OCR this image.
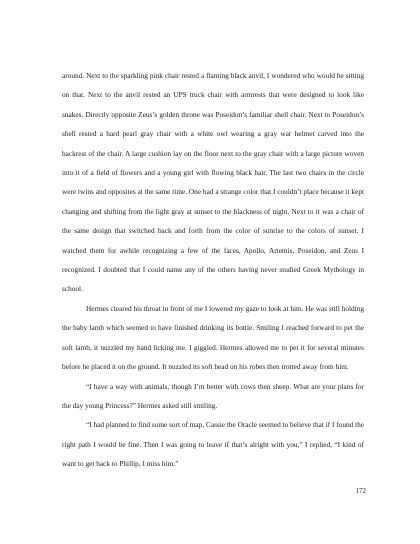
around. Next to the sparkling pink chair rested a flaming black anvil, I wondered who would be sitting on that. Next to the anvil rested an UPS truck chair with armrests that were designed to look like snakes. Directly opposite Zeus’s golden throne was Poseidon’s familiar shell chair. Next to Poseidon’s shell rested a hard pearl gray chair with a white owl wearing a gray war helmet carved into the backrest of the chair. A large cushion lay on the floor next to the gray chair with a large picture woven into it of a field of flowers and a young girl with flowing black hair. The last two chairs in the circle were twins and opposites at the same time. One had a strange color that I couldn’t place because it kept changing and shifting from the light gray at sunset to the blackness of night. Next to it was a chair of the same design that switched back and forth from the color of sunrise to the colors of sunset. I watched them for awhile recognizing a few of the faces, Apollo, Artemis, Poseidon, and Zeus I recognized. I doubted that I could name any of the others having never studied Greek Mythology in school.

Hermes cleared his throat in front of me I lowered my gaze to look at him. He was still holding the baby lamb which seemed to have finished drinking its bottle. Smiling I reached forward to pet the soft lamb, it nuzzled my hand licking me. I giggled. Hermes allowed me to pet it for several minutes before he placed it on the ground. It nuzzled its soft head on his robes then trotted away from him.

“I have a way with animals, though I’m better with cows then sheep. What are your plans for the day young Princess?” Hermes asked still smiling.

“I had planned to find some sort of map, Cassie the Oracle seemed to believe that if I found the right path I would be fine. Then I was going to leave if that’s alright with you,” I replied, “I kind of want to get back to Phillip, I miss him.”

172
